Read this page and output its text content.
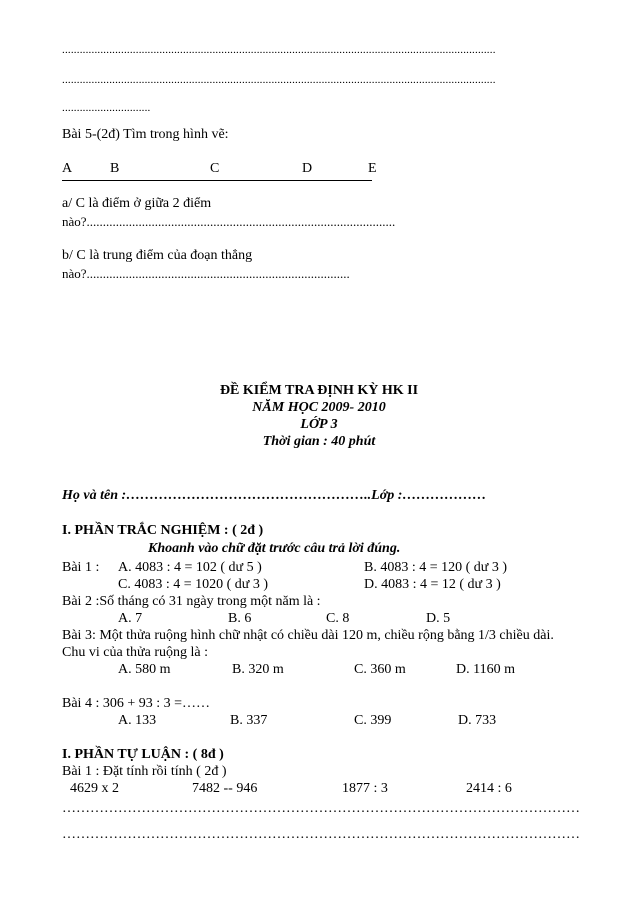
...................................................................................................................................................
...................................................................................................................................................
..............................
Bài 5-(2đ) Tìm trong hình vẽ:
A	B	C	D	E
a/ C là điểm ở giữa 2 điểm
nào?...............................................................................................
b/ C là trung điểm của đoạn thẳng
nào?.................................................................................
ĐỀ KIỂM TRA ĐỊNH KỲ HK II
NĂM HỌC 2009- 2010
LỚP 3
Thời gian : 40 phút
Họ và tên :……………………………………………..Lớp :………………
I. PHẦN TRẮC NGHIỆM : ( 2đ )
Khoanh vào chữ đặt trước câu trả lời đúng.
Bài 1 : A. 4083 : 4 = 102 ( dư 5 )	B. 4083 : 4 = 120 ( dư 3 )
C. 4083 : 4 = 1020 ( dư 3 )	D. 4083 : 4 = 12 ( dư 3 )
Bài 2 :Số tháng có 31 ngày trong một năm là :
A. 7	B. 6	C. 8	D. 5
Bài 3: Một thửa ruộng hình chữ nhật có chiều dài 120 m, chiều rộng bằng 1/3 chiều dài.
Chu vi của thửa ruộng là :
A. 580 m	B. 320 m	C. 360 m	D. 1160 m
Bài 4 : 306 + 93 : 3 =……
A. 133	B. 337	C. 399	D. 733
I. PHẦN TỰ LUẬN : ( 8đ )
Bài 1 : Đặt tính rồi tính ( 2đ )
4629 x 2	7482 -- 946	1877 : 3	2414 : 6
…………………………………………………………………………………………………
…………………………………………………………………………………………………
